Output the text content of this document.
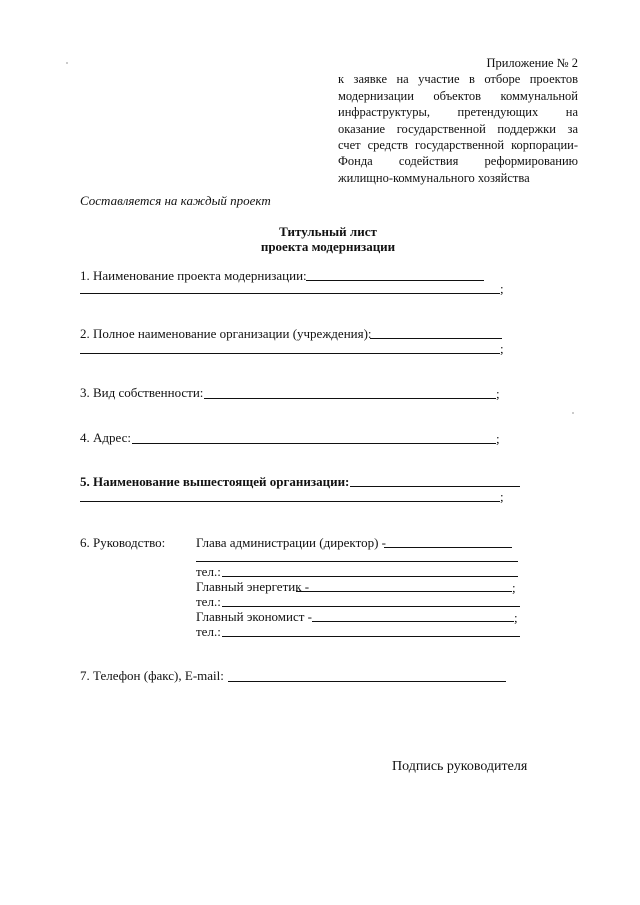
Приложение № 2
к заявке на участие в отборе проектов
модернизации объектов коммунальной
инфраструктуры, претендующих на
оказание государственной поддержки за
счет средств государственной корпорации-
Фонда содействия реформированию
жилищно-коммунального хозяйства
Составляется на каждый проект
Титульный лист
проекта модернизации
1. Наименование проекта модернизации:
;
2. Полное наименование организации (учреждения):
;
3. Вид собственности:	;
4. Адрес:	;
5. Наименование вышестоящей организации:
;
6. Руководство: Глава администрации (директор) -
тел.:
Главный энергетик -	;
тел.:
Главный экономист -	;
тел.:
7. Телефон (факс), E-mail:
Подпись руководителя
